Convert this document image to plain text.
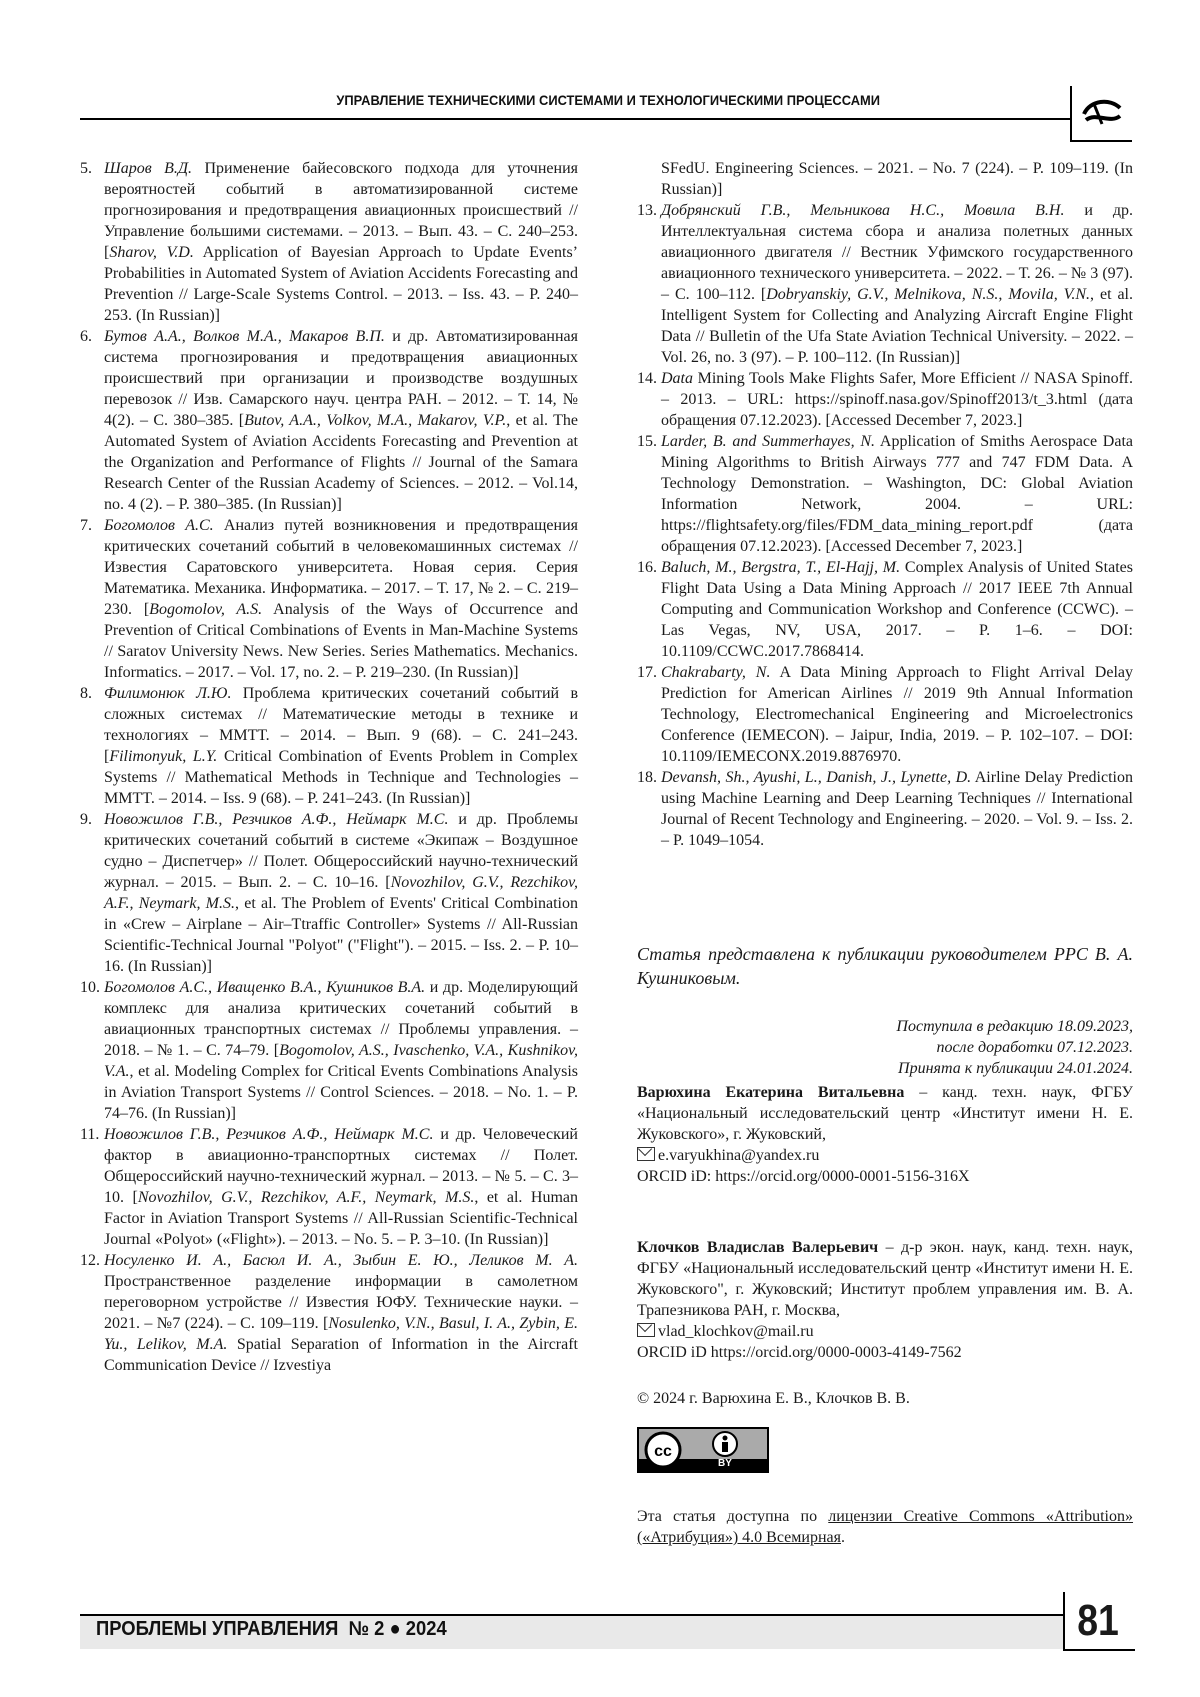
УПРАВЛЕНИЕ ТЕХНИЧЕСКИМИ СИСТЕМАМИ И ТЕХНОЛОГИЧЕСКИМИ ПРОЦЕССАМИ
5. Шаров В.Д. Применение байесовского подхода для уточнения вероятностей событий в автоматизированной системе прогнозирования и предотвращения авиационных происшествий // Управление большими системами. – 2013. – Вып. 43. – С. 240–253. [Sharov, V.D. Application of Bayesian Approach to Update Events’ Probabilities in Automated System of Aviation Accidents Forecasting and Prevention // Large-Scale Systems Control. – 2013. – Iss. 43. – P. 240–253. (In Russian)]
6. Бутов А.А., Волков М.А., Макаров В.П. и др. Автоматизированная система прогнозирования и предотвращения авиационных происшествий при организации и производстве воздушных перевозок // Изв. Самарского науч. центра РАН. – 2012. – Т. 14, № 4(2). – С. 380–385. [Butov, A.A., Volkov, M.A., Makarov, V.P., et al. The Automated System of Aviation Accidents Forecasting and Prevention at the Organization and Performance of Flights // Journal of the Samara Research Center of the Russian Academy of Sciences. – 2012. – Vol.14, no. 4 (2). – P. 380–385. (In Russian)]
7. Богомолов А.С. Анализ путей возникновения и предотвращения критических сочетаний событий в человекомашинных системах // Известия Саратовского университета. Новая серия. Серия Математика. Механика. Информатика. – 2017. – Т. 17, № 2. – С. 219–230. [Bogomolov, A.S. Analysis of the Ways of Occurrence and Prevention of Critical Combinations of Events in Man-Machine Systems // Saratov University News. New Series. Series Mathematics. Mechanics. Informatics. – 2017. – Vol. 17, no. 2. – P. 219–230. (In Russian)]
8. Филимонюк Л.Ю. Проблема критических сочетаний событий в сложных системах // Математические методы в технике и технологиях – ММТТ. – 2014. – Вып. 9 (68). – С. 241–243. [Filimonyuk, L.Y. Critical Combination of Events Problem in Complex Systems // Mathematical Methods in Technique and Technologies – MMTT. – 2014. – Iss. 9 (68). – P. 241–243. (In Russian)]
9. Новожилов Г.В., Резчиков А.Ф., Неймарк М.С. и др. Проблемы критических сочетаний событий в системе «Экипаж – Воздушное судно – Диспетчер» // Полет. Общероссийский научно-технический журнал. – 2015. – Вып. 2. – С. 10–16. [Novozhilov, G.V., Rezchikov, A.F., Neymark, M.S., et al. The Problem of Events' Critical Combination in «Crew – Airplane – Air–Ttraffic Controller» Systems // All-Russian Scientific-Technical Journal "Polyot" ("Flight"). – 2015. – Iss. 2. – P. 10–16. (In Russian)]
10. Богомолов А.С., Иващенко В.А., Кушников В.А. и др. Моделирующий комплекс для анализа критических сочетаний событий в авиационных транспортных системах // Проблемы управления. – 2018. – № 1. – С. 74–79. [Bogomolov, A.S., Ivaschenko, V.A., Kushnikov, V.A., et al. Modeling Complex for Critical Events Combinations Analysis in Aviation Transport Systems // Control Sciences. – 2018. – No. 1. – P. 74–76. (In Russian)]
11. Новожилов Г.В., Резчиков А.Ф., Неймарк М.С. и др. Человеческий фактор в авиационно-транспортных системах // Полет. Общероссийский научно-технический журнал. – 2013. – № 5. – С. 3–10. [Novozhilov, G.V., Rezchikov, A.F., Neymark, M.S., et al. Human Factor in Aviation Transport Systems // All-Russian Scientific-Technical Journal «Polyot» («Flight»). – 2013. – No. 5. – P. 3–10. (In Russian)]
12. Носуленко И. А., Басюл И. А., Зыбин Е. Ю., Леликов М. А. Пространственное разделение информации в самолетном переговорном устройстве // Известия ЮФУ. Технические науки. – 2021. – №7 (224). – С. 109–119. [Nosulenko, V.N., Basul, I. A., Zybin, E. Yu., Lelikov, M.A. Spatial Separation of Information in the Aircraft Communication Device // Izvestiya
SFedU. Engineering Sciences. – 2021. – No. 7 (224). – P. 109–119. (In Russian)]
13. Добрянский Г.В., Мельникова Н.С., Мовила В.Н. и др. Интеллектуальная система сбора и анализа полетных данных авиационного двигателя // Вестник Уфимского государственного авиационного технического университета. – 2022. – Т. 26. – № 3 (97). – С. 100–112. [Dobryanskiy, G.V., Melnikova, N.S., Movila, V.N., et al. Intelligent System for Collecting and Analyzing Aircraft Engine Flight Data // Bulletin of the Ufa State Aviation Technical University. – 2022. – Vol. 26, no. 3 (97). – P. 100–112. (In Russian)]
14. Data Mining Tools Make Flights Safer, More Efficient // NASA Spinoff. – 2013. – URL: https://spinoff.nasa.gov/Spinoff2013/t_3.html (дата обращения 07.12.2023). [Accessed December 7, 2023.]
15. Larder, B. and Summerhayes, N. Application of Smiths Aerospace Data Mining Algorithms to British Airways 777 and 747 FDM Data. A Technology Demonstration. – Washington, DC: Global Aviation Information Network, 2004. – URL: https://flightsafety.org/files/FDM_data_mining_report.pdf (дата обращения 07.12.2023). [Accessed December 7, 2023.]
16. Baluch, M., Bergstra, T., El-Hajj, M. Complex Analysis of United States Flight Data Using a Data Mining Approach // 2017 IEEE 7th Annual Computing and Communication Workshop and Conference (CCWC). – Las Vegas, NV, USA, 2017. – P. 1–6. – DOI: 10.1109/CCWC.2017.7868414.
17. Chakrabarty, N. A Data Mining Approach to Flight Arrival Delay Prediction for American Airlines // 2019 9th Annual Information Technology, Electromechanical Engineering and Microelectronics Conference (IEMECON). – Jaipur, India, 2019. – P. 102–107. – DOI: 10.1109/IEMECONX.2019.8876970.
18. Devansh, Sh., Ayushi, L., Danish, J., Lynette, D. Airline Delay Prediction using Machine Learning and Deep Learning Techniques // International Journal of Recent Technology and Engineering. – 2020. – Vol. 9. – Iss. 2. – P. 1049–1054.
Статья представлена к публикации руководителем РРС В. А. Кушниковым.
Поступила в редакцию 18.09.2023,
после доработки 07.12.2023.
Принята к публикации 24.01.2024.
Варюхина Екатерина Витальевна – канд. техн. наук, ФГБУ «Национальный исследовательский центр «Институт имени Н. Е. Жуковского», г. Жуковский,
e.varyukhina@yandex.ru
ORCID iD: https://orcid.org/0000-0001-5156-316X
Клочков Владислав Валерьевич – д-р экон. наук, канд. техн. наук, ФГБУ «Национальный исследовательский центр «Институт имени Н. Е. Жуковского", г. Жуковский; Институт проблем управления им. В. А. Трапезникова РАН, г. Москва,
vlad_klochkov@mail.ru
ORCID iD https://orcid.org/0000-0003-4149-7562
© 2024 г. Варюхина Е. В., Клочков В. В.
cc
BY
Эта статья доступна по лицензии Creative Commons «Attribution» («Атрибуция») 4.0 Всемирная.
ПРОБЛЕМЫ УПРАВЛЕНИЯ  № 2 ● 2024	81
